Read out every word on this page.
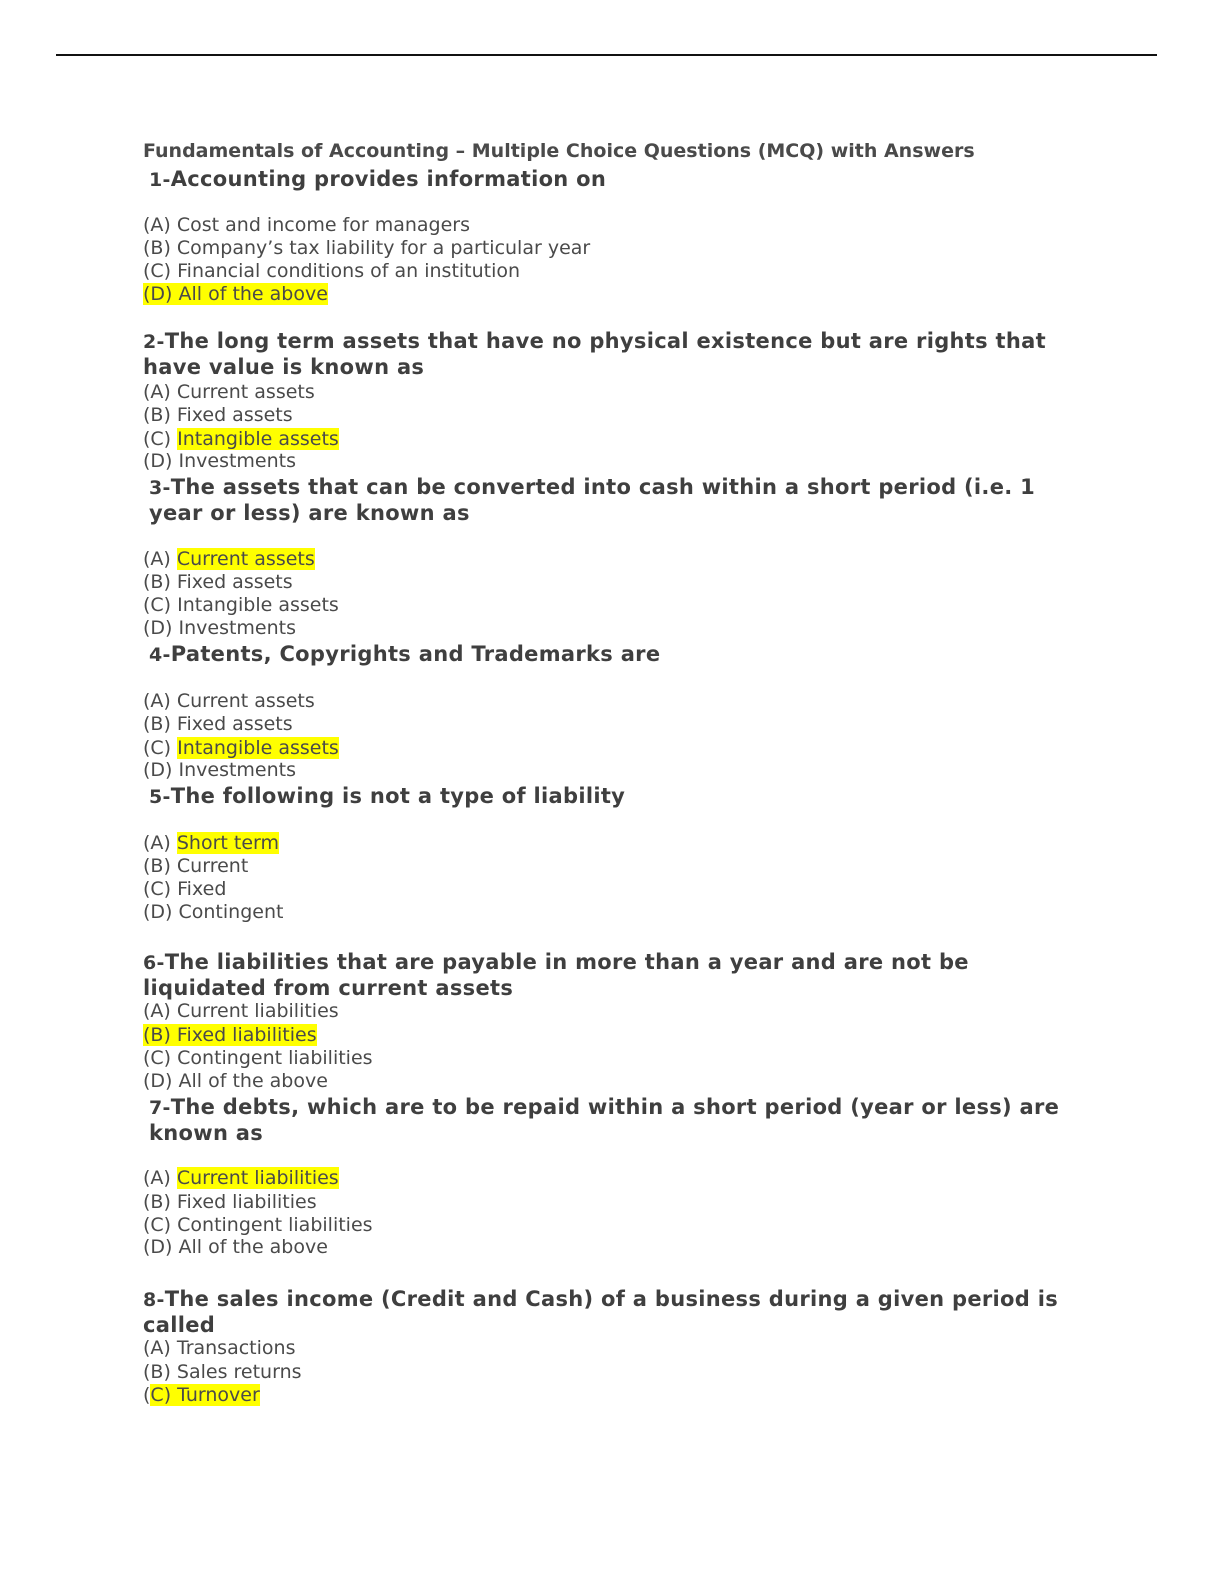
Fundamentals of Accounting – Multiple Choice Questions (MCQ) with Answers
1-Accounting provides information on
(A) Cost and income for managers
(B) Company’s tax liability for a particular year
(C) Financial conditions of an institution
(D) All of the above
2-The long term assets that have no physical existence but are rights that have value is known as
(A) Current assets
(B) Fixed assets
(C) Intangible assets
(D) Investments
3-The assets that can be converted into cash within a short period (i.e. 1 year or less) are known as
(A) Current assets
(B) Fixed assets
(C) Intangible assets
(D) Investments
4-Patents, Copyrights and Trademarks are
(A) Current assets
(B) Fixed assets
(C) Intangible assets
(D) Investments
5-The following is not a type of liability
(A) Short term
(B) Current
(C) Fixed
(D) Contingent
6-The liabilities that are payable in more than a year and are not be liquidated from current assets
(A) Current liabilities
(B) Fixed liabilities
(C) Contingent liabilities
(D) All of the above
7-The debts, which are to be repaid within a short period (year or less) are known as
(A) Current liabilities
(B) Fixed liabilities
(C) Contingent liabilities
(D) All of the above
8-The sales income (Credit and Cash) of a business during a given period is called
(A) Transactions
(B) Sales returns
(C) Turnover
